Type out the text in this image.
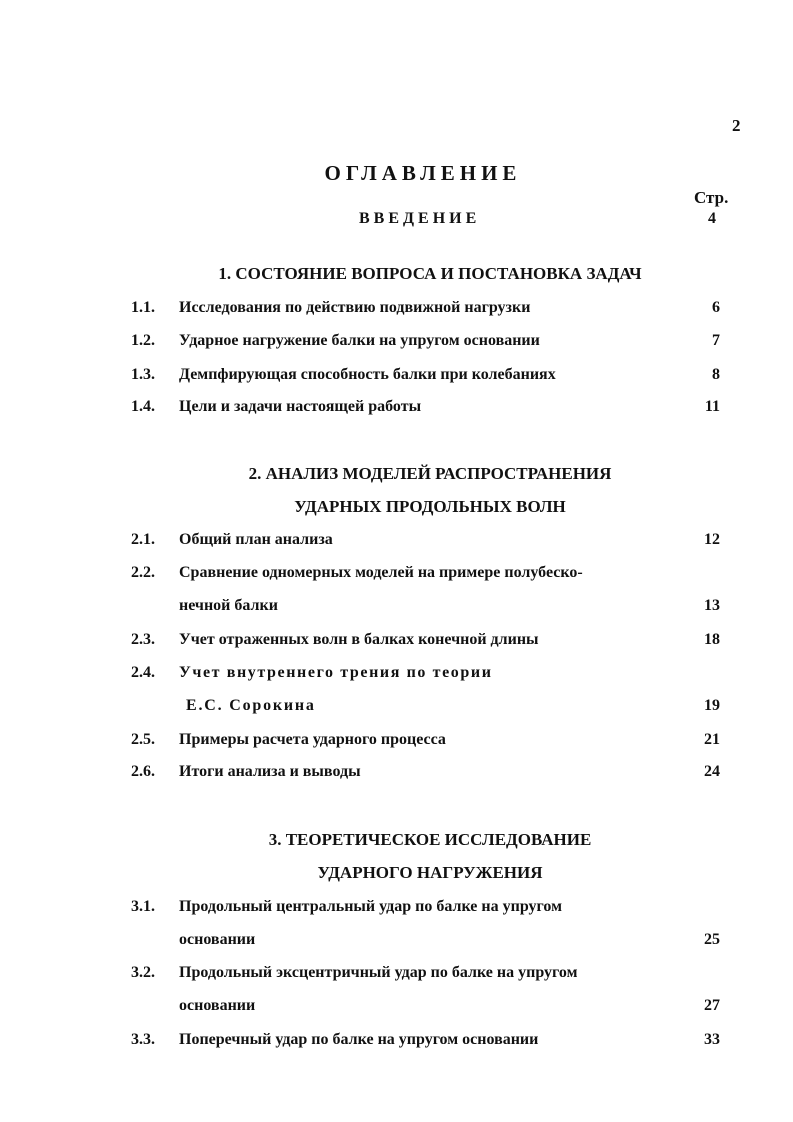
2
ОГЛАВЛЕНИЕ
Стр.
ВВЕДЕНИЕ	4
1. СОСТОЯНИЕ ВОПРОСА И ПОСТАНОВКА ЗАДАЧ
1.1. Исследования по действию подвижной нагрузки	6
1.2. Ударное нагружение балки на упругом основании	7
1.3. Демпфирующая способность балки при колебаниях	8
1.4. Цели и задачи настоящей работы	11
2. АНАЛИЗ МОДЕЛЕЙ РАСПРОСТРАНЕНИЯ
УДАРНЫХ ПРОДОЛЬНЫХ ВОЛН
2.1. Общий план анализа	12
2.2. Сравнение одномерных моделей на примере полубеско-
нечной балки	13
2.3. Учет отраженных волн в балках конечной длины	18
2.4. Учет внутреннего трения по теории
Е.С. Сорокина	19
2.5. Примеры расчета ударного процесса	21
2.6. Итоги анализа и выводы	24
3. ТЕОРЕТИЧЕСКОЕ ИССЛЕДОВАНИЕ
УДАРНОГО НАГРУЖЕНИЯ
3.1. Продольный центральный удар по балке на упругом
основании	25
3.2. Продольный эксцентричный удар по балке на упругом
основании	27
3.3. Поперечный удар по балке на упругом основании	33
